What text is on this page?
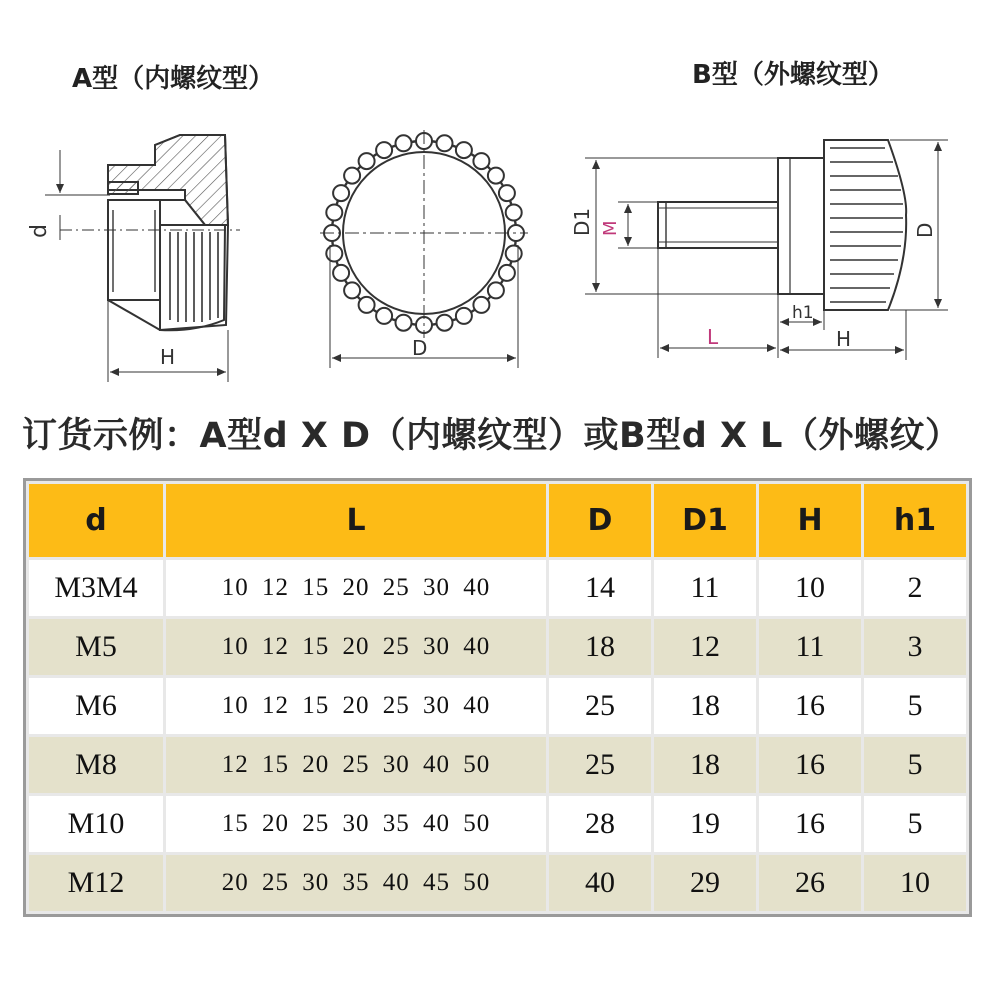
A型（内螺纹型）	B型（外螺纹型）
d
H	D
D1 M	D
L
h1
H
订货示例：A型d X D（内螺纹型）或B型d X L（外螺纹）
d	L	D	D1	H	h1
M3M4	10 12 15 20 25 30 40	14	11	10	2
M5	10 12 15 20 25 30 40	18	12	11	3
M6	10 12 15 20 25 30 40	25	18	16	5
M8	12 15 20 25 30 40 50	25	18	16	5
M10	15 20 25 30 35 40 50	28	19	16	5
M12	20 25 30 35 40 45 50	40	29	26	10
